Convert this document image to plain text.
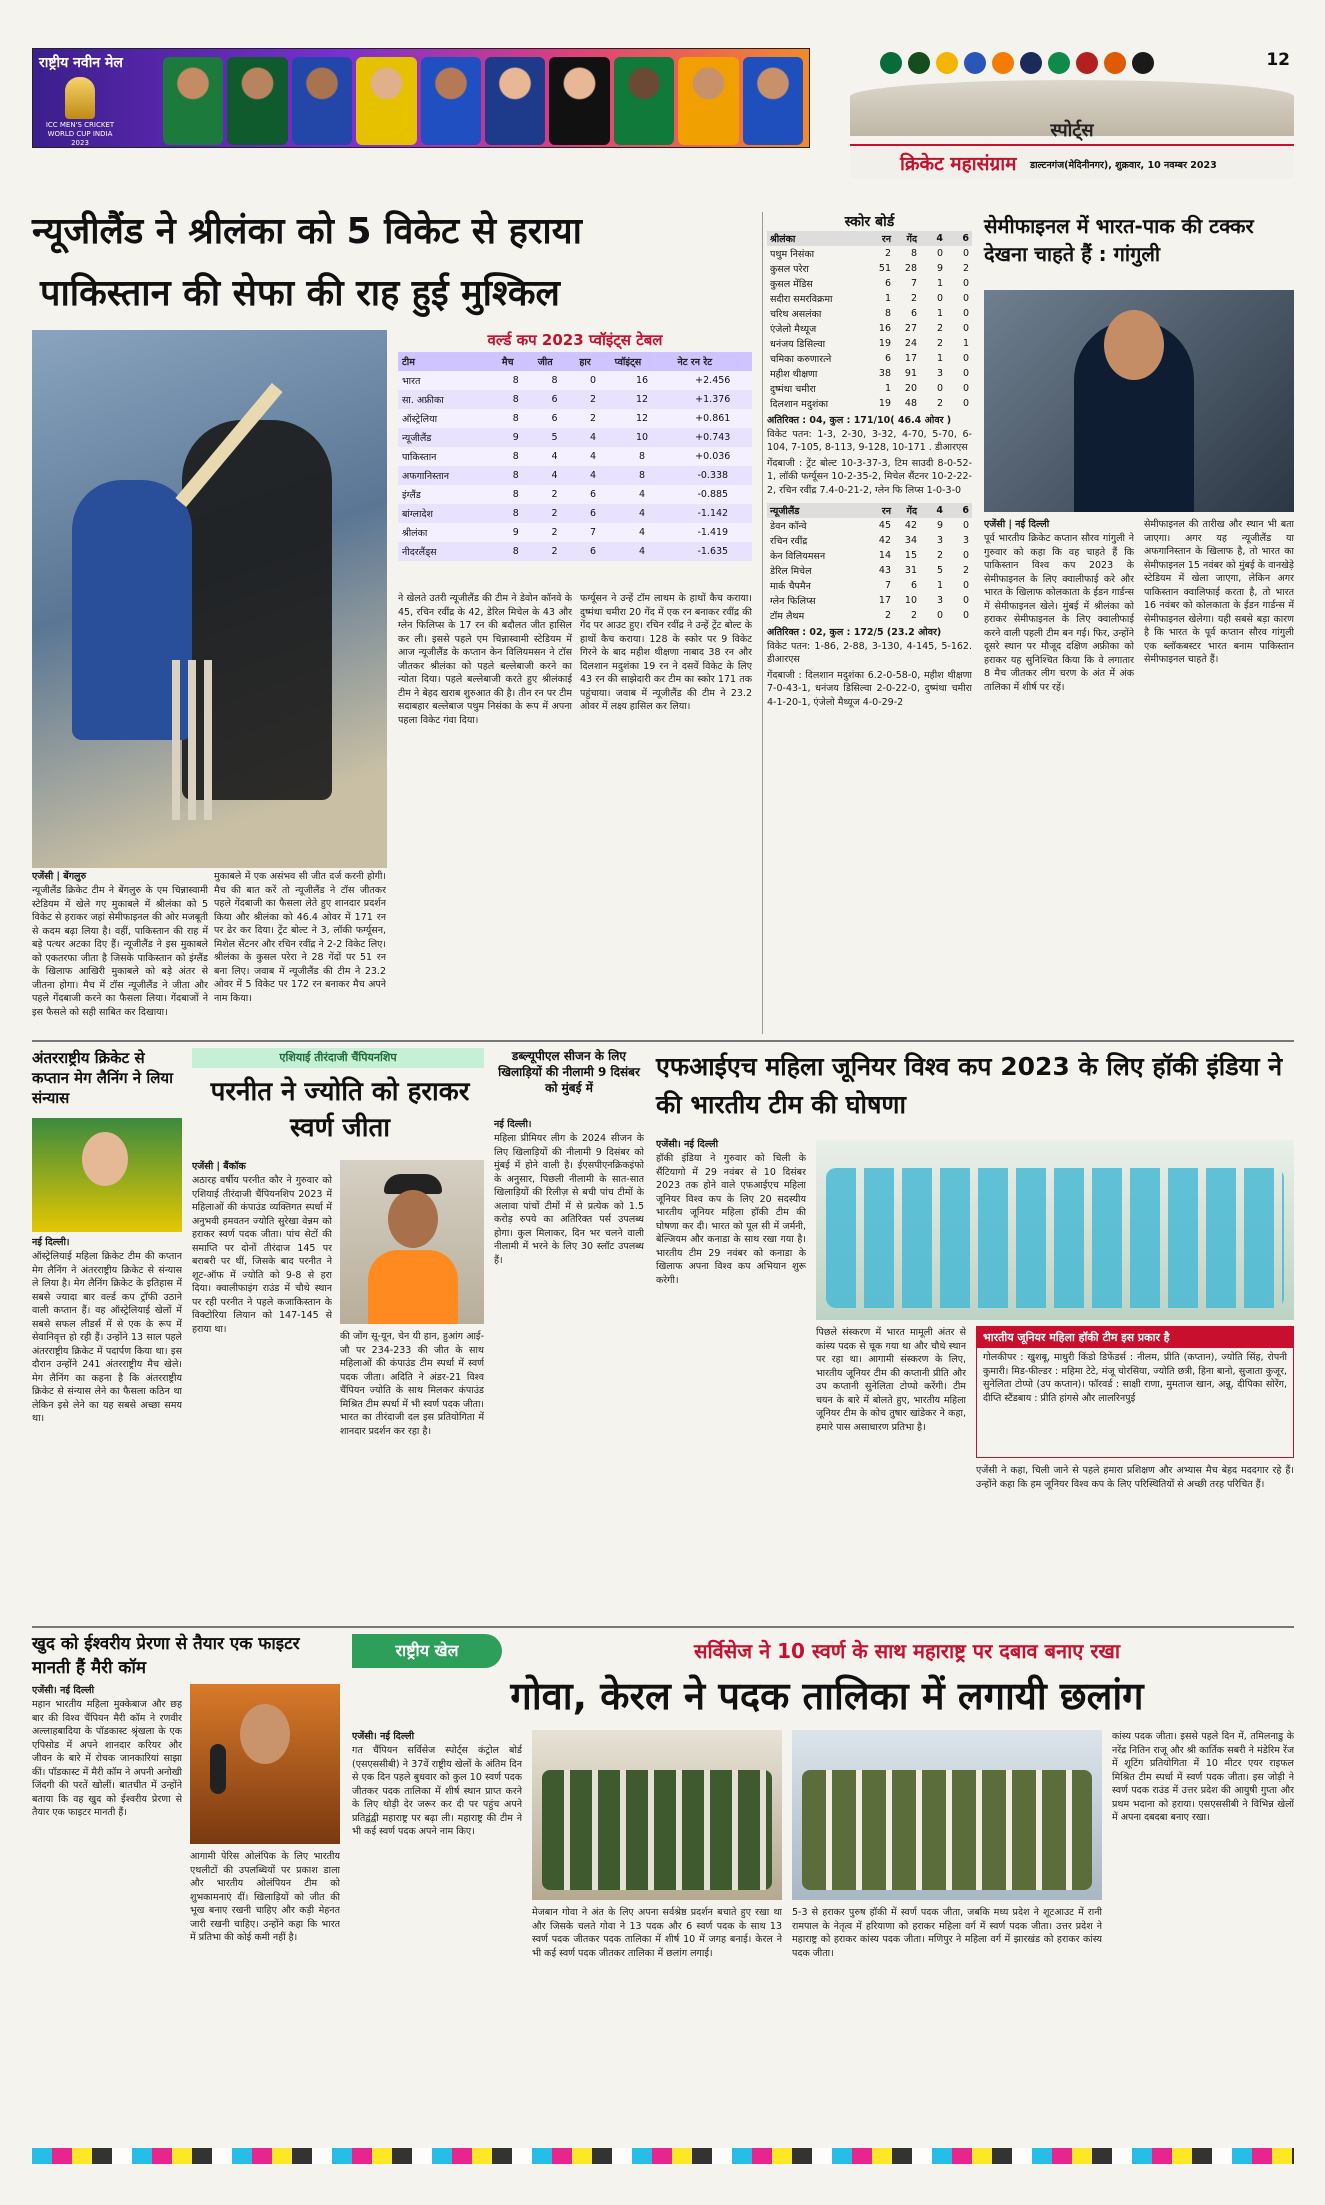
राष्ट्रीय नवीन मेल
ICC MEN'S CRICKET WORLD CUP INDIA 2023
12
स्पोर्ट्स
क्रिकेट महासंग्राम डाल्टनगंज(मेदिनीनगर), शुक्रवार, 10 नवम्बर 2023
न्यूजीलैंड ने श्रीलंका को 5 विकेट से हराया
पाकिस्तान की सेफा की राह हुई मुश्किल
एजेंसी | बेंगलुरु
न्यूजीलैंड क्रिकेट टीम ने बेंगलुरु के एम चिन्नास्वामी स्टेडियम में खेले गए मुकाबले में श्रीलंका को 5 विकेट से हराकर जहां सेमीफाइनल की ओर मजबूती से कदम बढ़ा लिया है। वहीं, पाकिस्तान की राह में बड़े पत्थर अटका दिए हैं। न्यूजीलैंड ने इस मुकाबले को एकतरफा जीता है जिसके पाकिस्तान को इंग्लैंड के खिलाफ आखिरी मुकाबले को बड़े अंतर से जीतना होगा। मैच में टॉस न्यूजीलैंड ने जीता और पहले गेंदबाजी करने का फैसला लिया। गेंदबाजों ने इस फैसले को सही साबित कर दिखाया।
मुकाबले में एक असंभव सी जीत दर्ज करनी होगी। मैच की बात करें तो न्यूजीलैंड ने टॉस जीतकर पहले गेंदबाजी का फैसला लेते हुए शानदार प्रदर्शन किया और श्रीलंका को 46.4 ओवर में 171 रन पर ढेर कर दिया। ट्रेंट बोल्ट ने 3, लॉकी फर्ग्यूसन, मिशेल सेंटनर और रचिन रवींद्र ने 2-2 विकेट लिए। श्रीलंका के कुसल परेरा ने 28 गेंदों पर 51 रन बना लिए। जवाब में न्यूजीलैंड की टीम ने 23.2 ओवर में 5 विकेट पर 172 रन बनाकर मैच अपने नाम किया।
वर्ल्ड कप 2023 प्वॉइंट्स टेबल
टीम	मैच	जीत	हार	प्वॉइंट्स	नेट रन रेट
भारत	8	8	0	16	+2.456
सा. अफ्रीका	8	6	2	12	+1.376
ऑस्ट्रेलिया	8	6	2	12	+0.861
न्यूजीलैंड	9	5	4	10	+0.743
पाकिस्तान	8	4	4	8	+0.036
अफगानिस्तान	8	4	4	8	-0.338
इंग्लैंड	8	2	6	4	-0.885
बांग्लादेश	8	2	6	4	-1.142
श्रीलंका	9	2	7	4	-1.419
नीदरलैंड्स	8	2	6	4	-1.635
ने खेलते उतरी न्यूजीलैंड की टीम ने डेवोन कॉनवे के 45, रचिन रवींद्र के 42, डेरिल मिचेल के 43 और ग्लेन फिलिप्स के 17 रन की बदौलत जीत हासिल कर ली। इससे पहले एम चिन्नास्वामी स्टेडियम में आज न्यूजीलैंड के कप्तान केन विलियमसन ने टॉस जीतकर श्रीलंका को पहले बल्लेबाजी करने का न्योता दिया। पहले बल्लेबाजी करते हुए श्रीलंकाई टीम ने बेहद खराब शुरुआत की है। तीन रन पर टीम सदाबहार बल्लेबाज पथुम निसंका के रूप में अपना पहला विकेट गंवा दिया।
फर्ग्यूसन ने उन्हें टॉम लाथम के हाथों कैच कराया। दुष्मंथा चमीरा 20 गेंद में एक रन बनाकर रवींद्र की गेंद पर आउट हुए। रचिन रवींद्र ने उन्हें ट्रेंट बोल्ट के हाथों कैच कराया। 128 के स्कोर पर 9 विकेट गिरने के बाद महीश थीक्षणा नाबाद 38 रन और दिलशान मदुशंका 19 रन ने दसवें विकेट के लिए 43 रन की साझेदारी कर टीम का स्कोर 171 तक पहुंचाया। जवाब में न्यूजीलैंड की टीम ने 23.2 ओवर में लक्ष्य हासिल कर लिया।
स्कोर बोर्ड
श्रीलंका	रन	गेंद	4	6
पथुम निसंका	2	8	0	0
कुसल परेरा	51	28	9	2
कुसल मेंडिस	6	7	1	0
सदीरा समरविक्रमा	1	2	0	0
चरिथ असलंका	8	6	1	0
एंजेलो मैथ्यूज	16	27	2	0
धनंजय डिसिल्वा	19	24	2	1
चमिका करुणारत्ने	6	17	1	0
महीश थीक्षणा	38	91	3	0
दुष्मंथा चमीरा	1	20	0	0
दिलशान मदुशंका	19	48	2	0
अतिरिक्त : 04, कुल : 171/10( 46.4 ओवर )
विकेट पतन: 1-3, 2-30, 3-32, 4-70, 5-70, 6-104, 7-105, 8-113, 9-128, 10-171 . डीआरएस
गेंदबाजी : ट्रेंट बोल्ट 10-3-37-3, टिम साउदी 8-0-52-1, लॉकी फर्ग्यूसन 10-2-35-2, मिचेल सैंटनर 10-2-22-2, रचिन रवींद्र 7.4-0-21-2, ग्लेन फि लिप्स 1-0-3-0
न्यूजीलैंड	रन	गेंद	4	6
डेवन कॉन्वे	45	42	9	0
रचिन रवींद्र	42	34	3	3
केन विलियमसन	14	15	2	0
डेरिल मिचेल	43	31	5	2
मार्क चैपमैन	7	6	1	0
ग्लेन फिलिप्स	17	10	3	0
टॉम लैथम	2	2	0	0
अतिरिक्त : 02, कुल : 172/5 (23.2 ओवर)
विकेट पतन: 1-86, 2-88, 3-130, 4-145, 5-162. डीआरएस
गेंदबाजी : दिलशान मदुशंका 6.2-0-58-0, महीश थीक्षणा 7-0-43-1, धनंजय डिसिल्वा 2-0-22-0, दुष्मंथा चमीरा 4-1-20-1, एंजेलो मैथ्यूज 4-0-29-2
सेमीफाइनल में भारत-पाक की टक्कर देखना चाहते हैं : गांगुली
एजेंसी | नई दिल्ली
पूर्व भारतीय क्रिकेट कप्तान सौरव गांगुली ने गुरुवार को कहा कि वह चाहते हैं कि पाकिस्तान विश्व कप 2023 के सेमीफाइनल के लिए क्वालीफाई करे और भारत के खिलाफ कोलकाता के ईडन गार्डन्स में सेमीफाइनल खेले। मुंबई में श्रीलंका को हराकर सेमीफाइनल के लिए क्वालीफाई करने वाली पहली टीम बन गई। फिर, उन्होंने दूसरे स्थान पर मौजूद दक्षिण अफ्रीका को हराकर यह सुनिश्चित किया कि वे लगातार 8 मैच जीतकर लीग चरण के अंत में अंक तालिका में शीर्ष पर रहें।
सेमीफाइनल की तारीख और स्थान भी बता जाएगा। अगर यह न्यूजीलैंड या अफगानिस्तान के खिलाफ है, तो भारत का सेमीफाइनल 15 नवंबर को मुंबई के वानखेड़े स्टेडियम में खेला जाएगा, लेकिन अगर पाकिस्तान क्वालिफाई करता है, तो भारत 16 नवंबर को कोलकाता के ईडन गार्डन्स में सेमीफाइनल खेलेगा। यही सबसे बड़ा कारण है कि भारत के पूर्व कप्तान सौरव गांगुली एक ब्लॉकबस्टर भारत बनाम पाकिस्तान सेमीफाइनल चाहते हैं।
अंतरराष्ट्रीय क्रिकेट से कप्तान मेग लैनिंग ने लिया संन्यास
नई दिल्ली।
ऑस्ट्रेलियाई महिला क्रिकेट टीम की कप्तान मेग लैनिंग ने अंतरराष्ट्रीय क्रिकेट से संन्यास ले लिया है। मेग लैनिंग क्रिकेट के इतिहास में सबसे ज्यादा बार वर्ल्ड कप ट्रॉफी उठाने वाली कप्तान हैं। वह ऑस्ट्रेलियाई खेलों में सबसे सफल लीडर्स में से एक के रूप में सेवानिवृत्त हो रही हैं। उन्होंने 13 साल पहले अंतरराष्ट्रीय क्रिकेट में पदार्पण किया था। इस दौरान उन्होंने 241 अंतरराष्ट्रीय मैच खेले। मेग लैनिंग का कहना है कि अंतरराष्ट्रीय क्रिकेट से संन्यास लेने का फैसला कठिन था लेकिन इसे लेने का यह सबसे अच्छा समय था।
एशियाई तीरंदाजी चैंपियनशिप
परनीत ने ज्योति को हराकर स्वर्ण जीता
एजेंसी | बैंकॉक
अठारह वर्षीय परनीत कौर ने गुरुवार को एशियाई तीरंदाजी चैंपियनशिप 2023 में महिलाओं की कंपाउंड व्यक्तिगत स्पर्धा में अनुभवी हमवतन ज्योति सुरेखा वेन्नम को हराकर स्वर्ण पदक जीता। पांच सेटों की समाप्ति पर दोनों तीरंदाज 145 पर बराबरी पर थीं, जिसके बाद परनीत ने शूट-ऑफ में ज्योति को 9-8 से हरा दिया। क्वालीफाइंग राउंड में चौथे स्थान पर रही परनीत ने पहले कजाकिस्तान के विक्टोरिया लियान को 147-145 से हराया था।
की जोंग सू-यून, चेन यी हान, हुआंग आई-जौ पर 234-233 की जीत के साथ महिलाओं की कंपाउंड टीम स्पर्धा में स्वर्ण पदक जीता। अदिति ने अंडर-21 विश्व चैंपियन ज्योति के साथ मिलकर कंपाउंड मिश्रित टीम स्पर्धा में भी स्वर्ण पदक जीता। भारत का तीरंदाजी दल इस प्रतियोगिता में शानदार प्रदर्शन कर रहा है।
डब्ल्यूपीएल सीजन के लिए खिलाड़ियों की नीलामी 9 दिसंबर को मुंबई में
नई दिल्ली।
महिला प्रीमियर लीग के 2024 सीजन के लिए खिलाड़ियों की नीलामी 9 दिसंबर को मुंबई में होने वाली है। ईएसपीएनक्रिकइंफो के अनुसार, पिछली नीलामी के सात-सात खिलाड़ियों की रिलीज़ से बची पांच टीमों के अलावा पांचों टीमों में से प्रत्येक को 1.5 करोड़ रुपये का अतिरिक्त पर्स उपलब्ध होगा। कुल मिलाकर, दिन भर चलने वाली नीलामी में भरने के लिए 30 स्लॉट उपलब्ध हैं।
एफआईएच महिला जूनियर विश्व कप 2023 के लिए हॉकी इंडिया ने की भारतीय टीम की घोषणा
एजेंसी। नई दिल्ली
हॉकी इंडिया ने गुरुवार को चिली के सैंटियागो में 29 नवंबर से 10 दिसंबर 2023 तक होने वाले एफआईएच महिला जूनियर विश्व कप के लिए 20 सदस्यीय भारतीय जूनियर महिला हॉकी टीम की घोषणा कर दी। भारत को पूल सी में जर्मनी, बेल्जियम और कनाडा के साथ रखा गया है। भारतीय टीम 29 नवंबर को कनाडा के खिलाफ अपना विश्व कप अभियान शुरू करेगी।
पिछले संस्करण में भारत मामूली अंतर से कांस्य पदक से चूक गया था और चौथे स्थान पर रहा था। आगामी संस्करण के लिए, भारतीय जूनियर टीम की कप्तानी प्रीति और उप कप्तानी सुनेलिता टोप्पो करेंगी। टीम चयन के बारे में बोलते हुए, भारतीय महिला जूनियर टीम के कोच तुषार खांडेकर ने कहा, हमारे पास असाधारण प्रतिभा है।
भारतीय जूनियर महिला हॉकी टीम इस प्रकार है
गोलकीपर : खुशबू, माधुरी किंडो डिफेंडर्स : नीलम, प्रीति (कप्तान), ज्योति सिंह, रोपनी कुमारी। मिड-फील्डर : महिमा टेटे, मंजू चोरसिया, ज्योति छत्री, हिना बानो, सुजाता कुजूर, सुनेलिता टोप्पो (उप कप्तान)। फॉरवर्ड : साक्षी राणा, मुमताज खान, अन्नू, दीपिका सोरेंग, दीप्ति स्टैंडबाय : प्रीति हांगसे और लालरिनपुई
एजेंसी ने कहा, चिली जाने से पहले हमारा प्रशिक्षण और अभ्यास मैच बेहद मददगार रहे हैं। उन्होंने कहा कि हम जूनियर विश्व कप के लिए परिस्थितियों से अच्छी तरह परिचित हैं।
खुद को ईश्वरीय प्रेरणा से तैयार एक फाइटर मानती हैं मैरी कॉम
एजेंसी। नई दिल्ली
महान भारतीय महिला मुक्केबाज और छह बार की विश्व चैंपियन मैरी कॉम ने रणवीर अल्लाहबादिया के पॉडकास्ट श्रृंखला के एक एपिसोड में अपने शानदार करियर और जीवन के बारे में रोचक जानकारियां साझा कीं। पॉडकास्ट में मैरी कॉम ने अपनी अनोखी जिंदगी की परतें खोलीं। बातचीत में उन्होंने बताया कि वह खुद को ईश्वरीय प्रेरणा से तैयार एक फाइटर मानती हैं।
आगामी पेरिस ओलंपिक के लिए भारतीय एथलीटों की उपलब्धियों पर प्रकाश डाला और भारतीय ओलंपियन टीम को शुभकामनाएं दीं। खिलाड़ियों को जीत की भूख बनाए रखनी चाहिए और कड़ी मेहनत जारी रखनी चाहिए। उन्होंने कहा कि भारत में प्रतिभा की कोई कमी नहीं है।
राष्ट्रीय खेल	सर्विसेज ने 10 स्वर्ण के साथ महाराष्ट्र पर दबाव बनाए रखा
गोवा, केरल ने पदक तालिका में लगायी छलांग
एजेंसी। नई दिल्ली
गत चैंपियन सर्विसेज स्पोर्ट्स कंट्रोल बोर्ड (एसएससीबी) ने 37वें राष्ट्रीय खेलों के अंतिम दिन से एक दिन पहले बुधवार को कुल 10 स्वर्ण पदक जीतकर पदक तालिका में शीर्ष स्थान प्राप्त करने के लिए थोड़ी देर जरूर कर दी पर पहुंच अपने प्रतिद्वंद्वी महाराष्ट्र पर बढ़ा ली। महाराष्ट्र की टीम ने भी कई स्वर्ण पदक अपने नाम किए।
मेजबान गोवा ने अंत के लिए अपना सर्वश्रेष्ठ प्रदर्शन बचाते हुए रखा था और जिसके चलते गोवा ने 13 पदक और 6 स्वर्ण पदक के साथ 13 स्वर्ण पदक जीतकर पदक तालिका में शीर्ष 10 में जगह बनाई। केरल ने भी कई स्वर्ण पदक जीतकर तालिका में छलांग लगाई।
5-3 से हराकर पुरुष हॉकी में स्वर्ण पदक जीता, जबकि मध्य प्रदेश ने शूटआउट में रानी रामपाल के नेतृत्व में हरियाणा को हराकर महिला वर्ग में स्वर्ण पदक जीता। उत्तर प्रदेश ने महाराष्ट्र को हराकर कांस्य पदक जीता। मणिपुर ने महिला वर्ग में झारखंड को हराकर कांस्य पदक जीता।
कांस्य पदक जीता। इससे पहले दिन में, तमिलनाडु के नरेंद्र नितिन राजू और श्री कार्तिक सबरी ने मंडेरिम रेंज में शूटिंग प्रतियोगिता में 10 मीटर एयर राइफल मिश्रित टीम स्पर्धा में स्वर्ण पदक जीता। इस जोड़ी ने स्वर्ण पदक राउंड में उत्तर प्रदेश की आयुषी गुप्ता और प्रथम भदाना को हराया। एसएससीबी ने विभिन्न खेलों में अपना दबदबा बनाए रखा।
